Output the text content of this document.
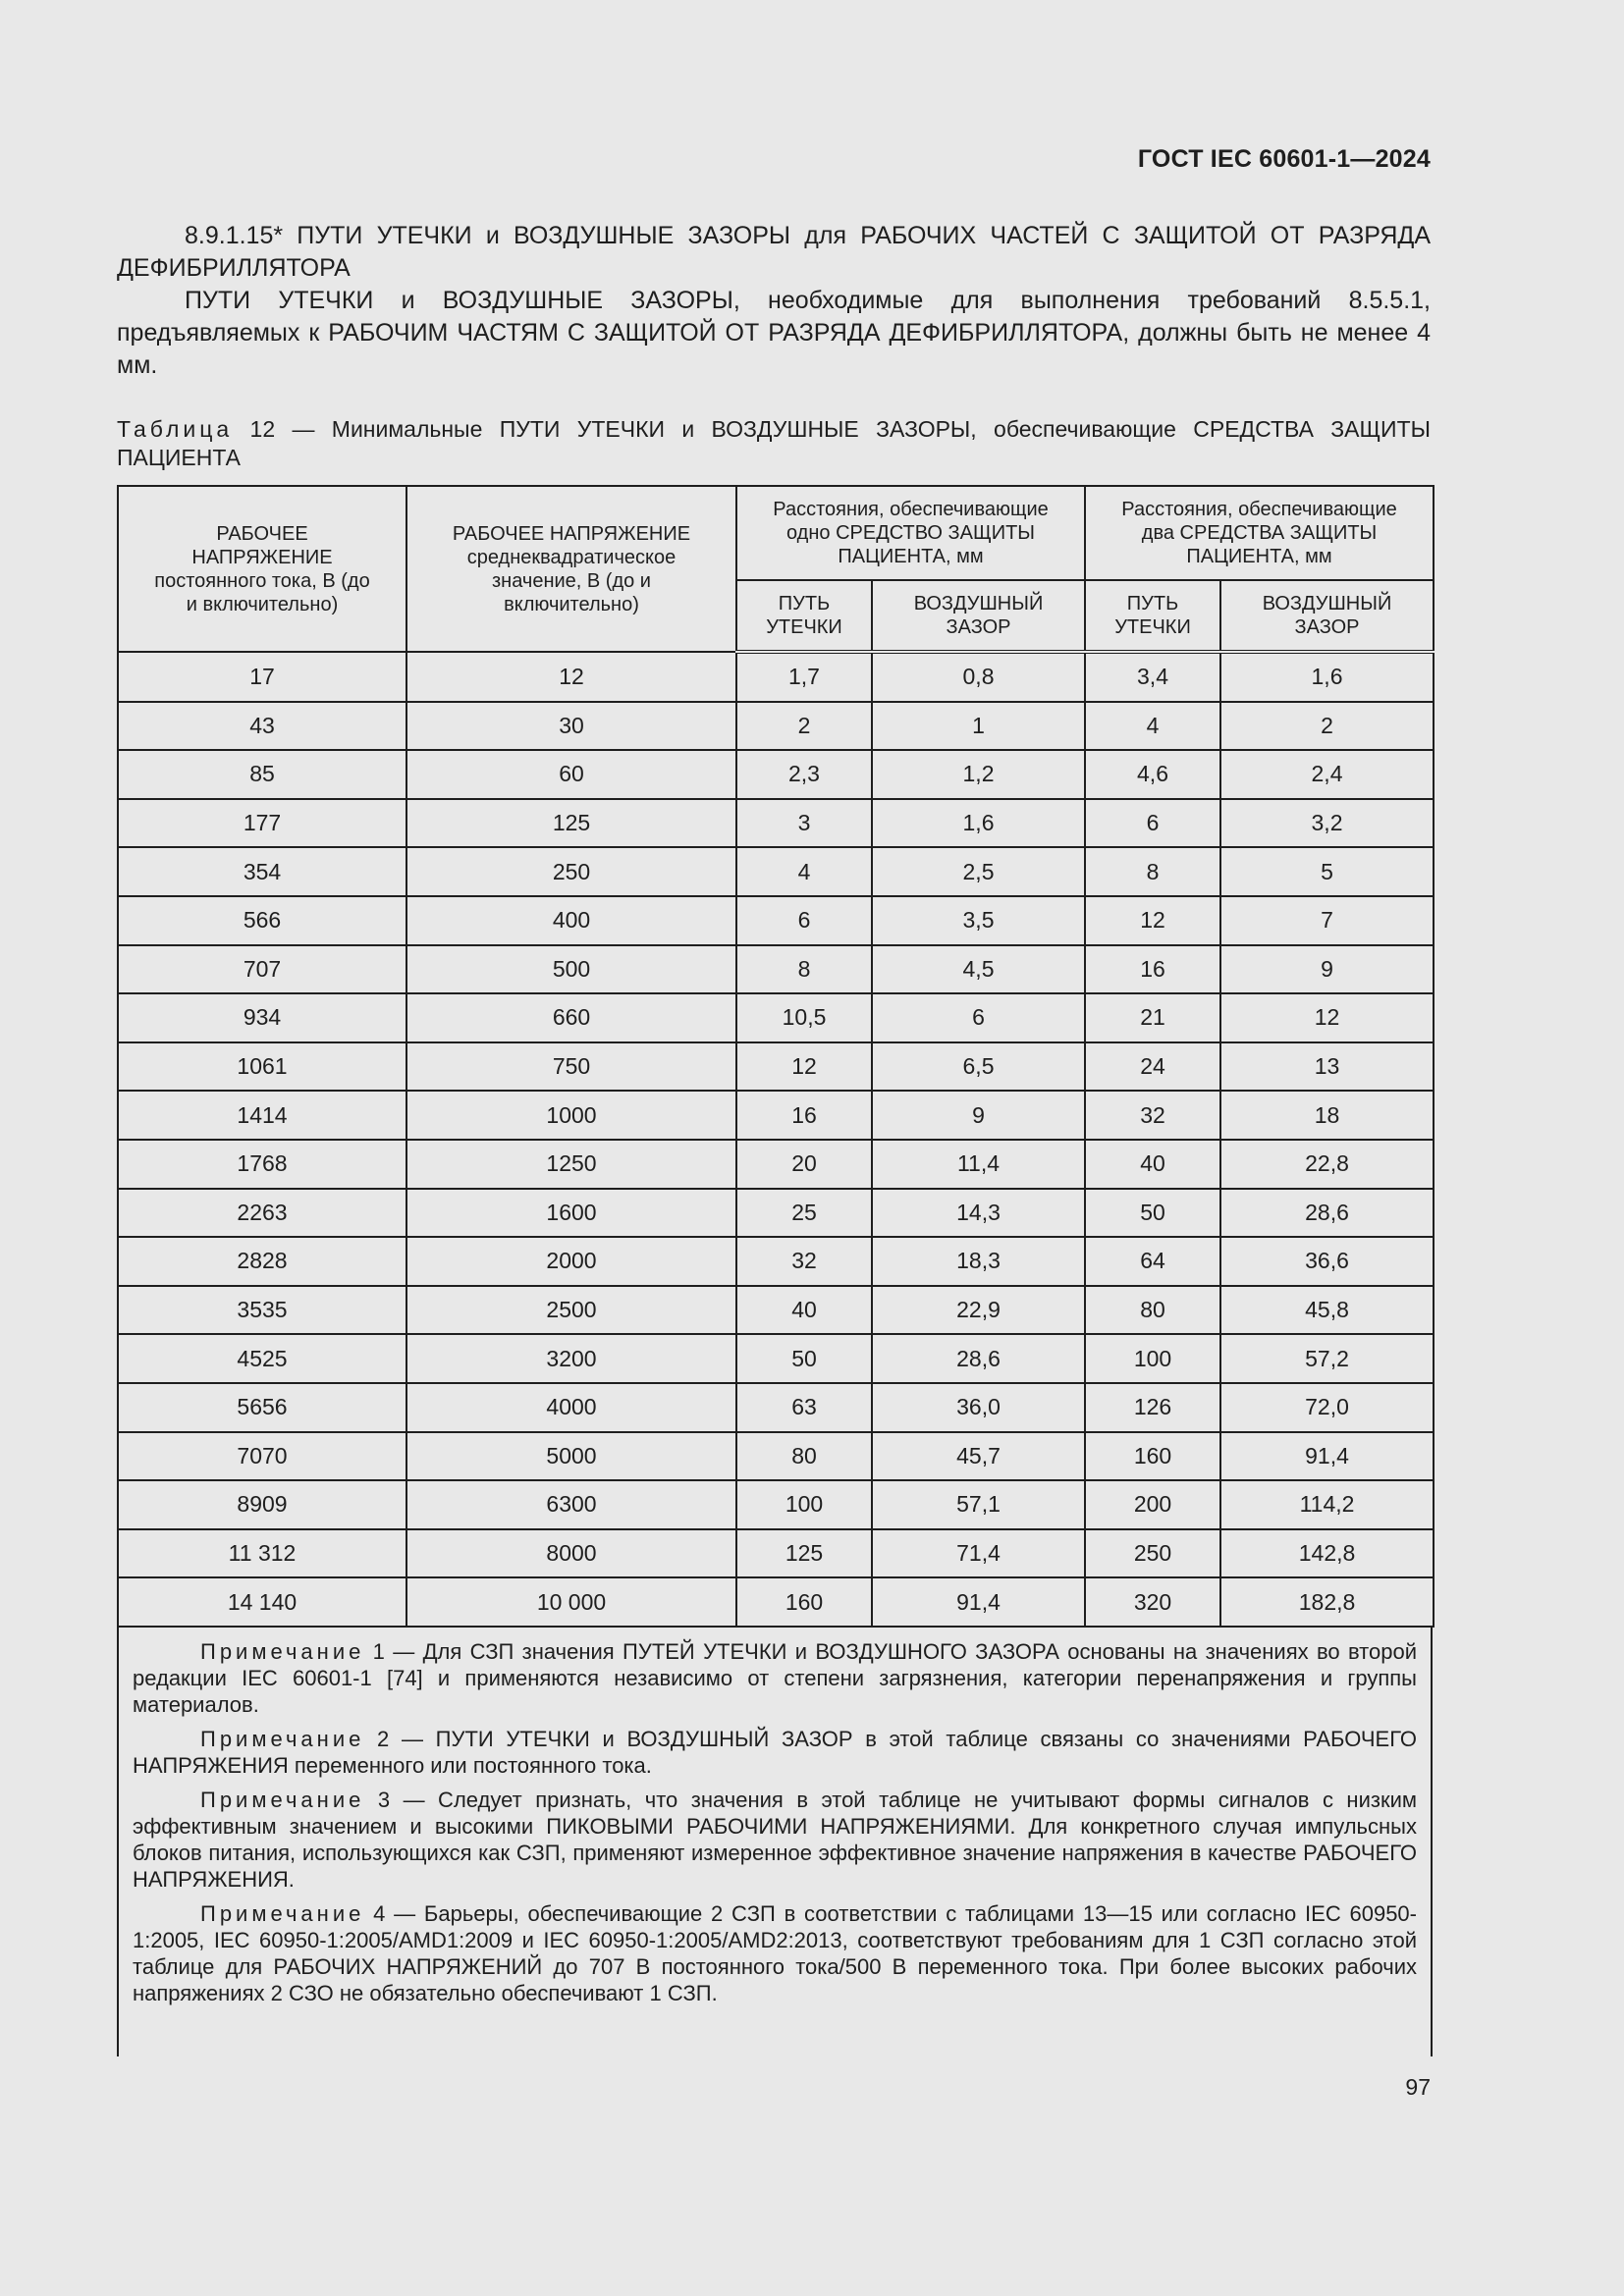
ГОСТ IEC 60601-1—2024

8.9.1.15* ПУТИ УТЕЧКИ и ВОЗДУШНЫЕ ЗАЗОРЫ для РАБОЧИХ ЧАСТЕЙ С ЗАЩИТОЙ ОТ РАЗРЯДА ДЕФИБРИЛЛЯТОРА

ПУТИ УТЕЧКИ и ВОЗДУШНЫЕ ЗАЗОРЫ, необходимые для выполнения требований 8.5.5.1, предъявляемых к РАБОЧИМ ЧАСТЯМ С ЗАЩИТОЙ ОТ РАЗРЯДА ДЕФИБРИЛЛЯТОРА, должны быть не менее 4 мм.

Таблица 12 — Минимальные ПУТИ УТЕЧКИ и ВОЗДУШНЫЕ ЗАЗОРЫ, обеспечивающие СРЕДСТВА ЗАЩИТЫ ПАЦИЕНТА

РАБОЧЕЕ НАПРЯЖЕНИЕ постоянного тока, В (до и включительно)	РАБОЧЕЕ НАПРЯЖЕНИЕ среднеквадратическое значение, В (до и включительно)	Расстояния, обеспечивающие одно СРЕДСТВО ЗАЩИТЫ ПАЦИЕНТА, мм		Расстояния, обеспечивающие два СРЕДСТВА ЗАЩИТЫ ПАЦИЕНТА, мм	
		ПУТЬ УТЕЧКИ	ВОЗДУШНЫЙ ЗАЗОР	ПУТЬ УТЕЧКИ	ВОЗДУШНЫЙ ЗАЗОР
17	12	1,7	0,8	3,4	1,6
43	30	2	1	4	2
85	60	2,3	1,2	4,6	2,4
177	125	3	1,6	6	3,2
354	250	4	2,5	8	5
566	400	6	3,5	12	7
707	500	8	4,5	16	9
934	660	10,5	6	21	12
1061	750	12	6,5	24	13
1414	1000	16	9	32	18
1768	1250	20	11,4	40	22,8
2263	1600	25	14,3	50	28,6
2828	2000	32	18,3	64	36,6
3535	2500	40	22,9	80	45,8
4525	3200	50	28,6	100	57,2
5656	4000	63	36,0	126	72,0
7070	5000	80	45,7	160	91,4
8909	6300	100	57,1	200	114,2
11 312	8000	125	71,4	250	142,8
14 140	10 000	160	91,4	320	182,8

Примечание 1 — Для СЗП значения ПУТЕЙ УТЕЧКИ и ВОЗДУШНОГО ЗАЗОРА основаны на значениях во второй редакции IEC 60601-1 [74] и применяются независимо от степени загрязнения, категории перенапряжения и группы материалов.

Примечание 2 — ПУТИ УТЕЧКИ и ВОЗДУШНЫЙ ЗАЗОР в этой таблице связаны со значениями РАБОЧЕГО НАПРЯЖЕНИЯ переменного или постоянного тока.

Примечание 3 — Следует признать, что значения в этой таблице не учитывают формы сигналов с низким эффективным значением и высокими ПИКОВЫМИ РАБОЧИМИ НАПРЯЖЕНИЯМИ. Для конкретного случая импульсных блоков питания, использующихся как СЗП, применяют измеренное эффективное значение напряжения в качестве РАБОЧЕГО НАПРЯЖЕНИЯ.

Примечание 4 — Барьеры, обеспечивающие 2 СЗП в соответствии с таблицами 13—15 или согласно IEC 60950-1:2005, IEC 60950-1:2005/AMD1:2009 и IEC 60950-1:2005/AMD2:2013, соответствуют требованиям для 1 СЗП согласно этой таблице для РАБОЧИХ НАПРЯЖЕНИЙ до 707 В постоянного тока/500 В переменного тока. При более высоких рабочих напряжениях 2 СЗО не обязательно обеспечивают 1 СЗП.

97
